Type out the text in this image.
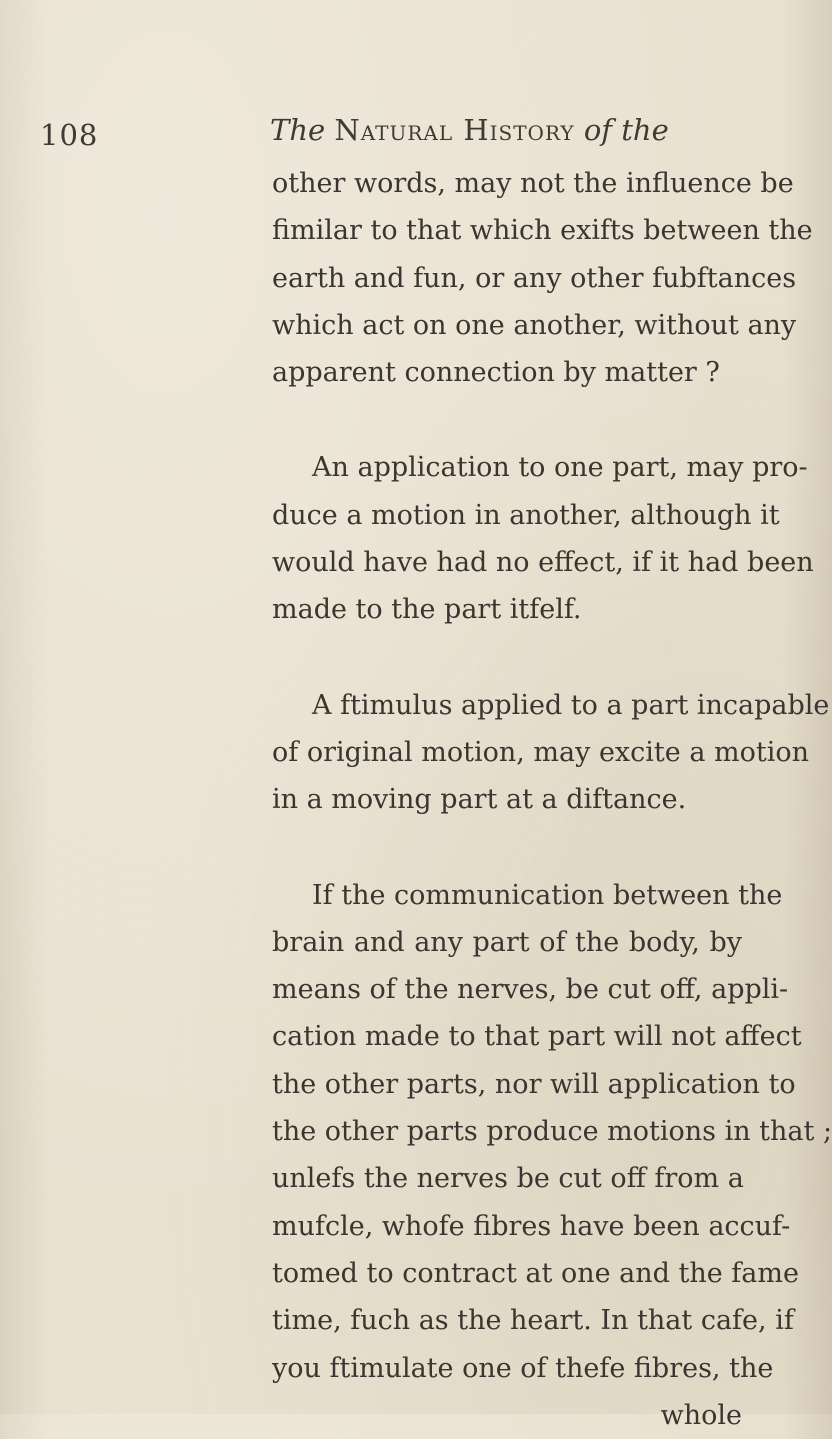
108	The Natural History of the
other words, may not the influence be
fimilar to that which exifts between the
earth and fun, or any other fubftances
which act on one another, without any
apparent connection by matter ?
An application to one part, may pro-
duce a motion in another, although it
would have had no effect, if it had been
made to the part itfelf.
A ftimulus applied to a part incapable
of original motion, may excite a motion
in a moving part at a diftance.
If the communication between the
brain and any part of the body, by
means of the nerves, be cut off, appli-
cation made to that part will not affect
the other parts, nor will application to
the other parts produce motions in that ;
unlefs the nerves be cut off from a
mufcle, whofe fibres have been accuf-
tomed to contract at one and the fame
time, fuch as the heart. In that cafe, if
you ftimulate one of thefe fibres, the
whole
